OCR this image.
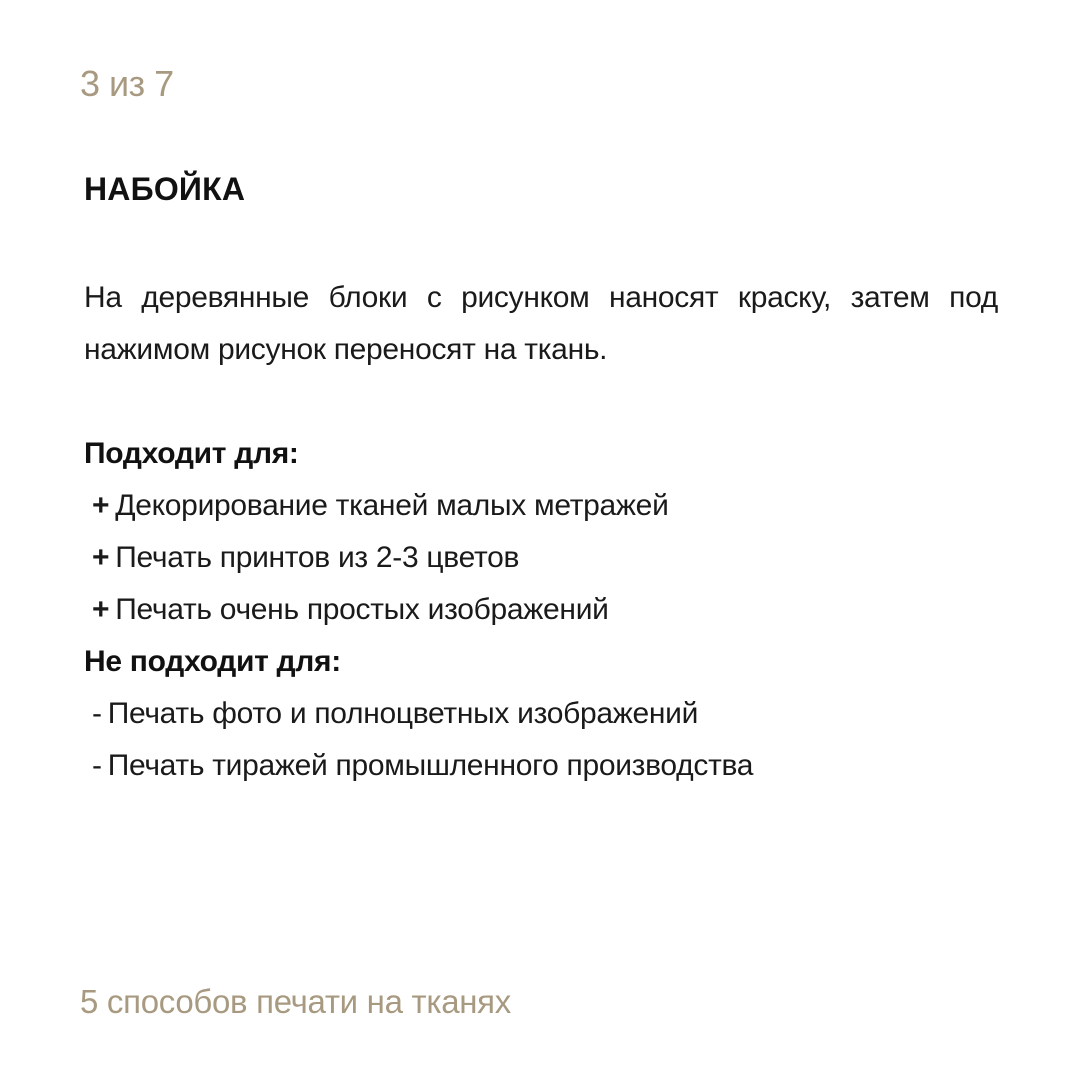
3 из 7
НАБОЙКА
На деревянные блоки с рисунком наносят краску, затем под нажимом рисунок переносят на ткань.
Подходит для:
+ Декорирование тканей малых метражей
+ Печать принтов из 2-3 цветов
+ Печать очень простых изображений
Не подходит для:
- Печать фото и полноцветных изображений
- Печать тиражей промышленного производства
5 способов печати на тканях
